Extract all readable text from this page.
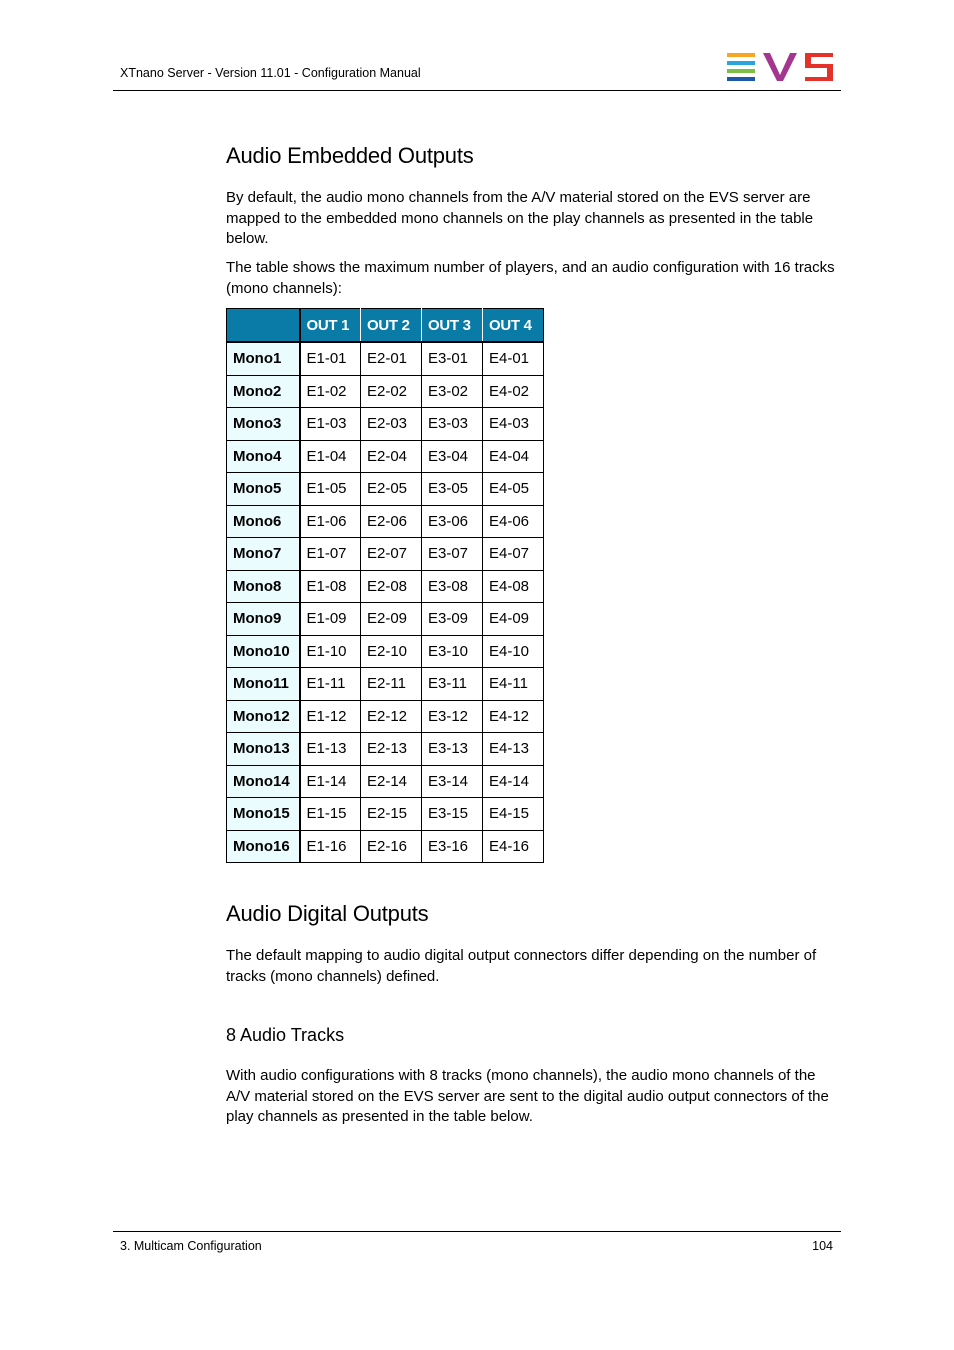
XTnano Server - Version 11.01 - Configuration Manual
Audio Embedded Outputs

By default, the audio mono channels from the A/V material stored on the EVS server are mapped to the embedded mono channels on the play channels as presented in the table below.

The table shows the maximum number of players, and an audio configuration with 16 tracks (mono channels):

Audio Digital Outputs

The default mapping to audio digital output connectors differ depending on the number of tracks (mono channels) defined.

8 Audio Tracks

With audio configurations with 8 tracks (mono channels), the audio mono channels of the A/V material stored on the EVS server are sent to the digital audio output connectors of the play channels as presented in the table below.

	OUT 1	OUT 2	OUT 3	OUT 4
Mono1	E1-01	E2-01	E3-01	E4-01
Mono2	E1-02	E2-02	E3-02	E4-02
Mono3	E1-03	E2-03	E3-03	E4-03
Mono4	E1-04	E2-04	E3-04	E4-04
Mono5	E1-05	E2-05	E3-05	E4-05
Mono6	E1-06	E2-06	E3-06	E4-06
Mono7	E1-07	E2-07	E3-07	E4-07
Mono8	E1-08	E2-08	E3-08	E4-08
Mono9	E1-09	E2-09	E3-09	E4-09
Mono10	E1-10	E2-10	E3-10	E4-10
Mono11	E1-11	E2-11	E3-11	E4-11
Mono12	E1-12	E2-12	E3-12	E4-12
Mono13	E1-13	E2-13	E3-13	E4-13
Mono14	E1-14	E2-14	E3-14	E4-14
Mono15	E1-15	E2-15	E3-15	E4-15
Mono16	E1-16	E2-16	E3-16	E4-16
3. Multicam Configuration	104
